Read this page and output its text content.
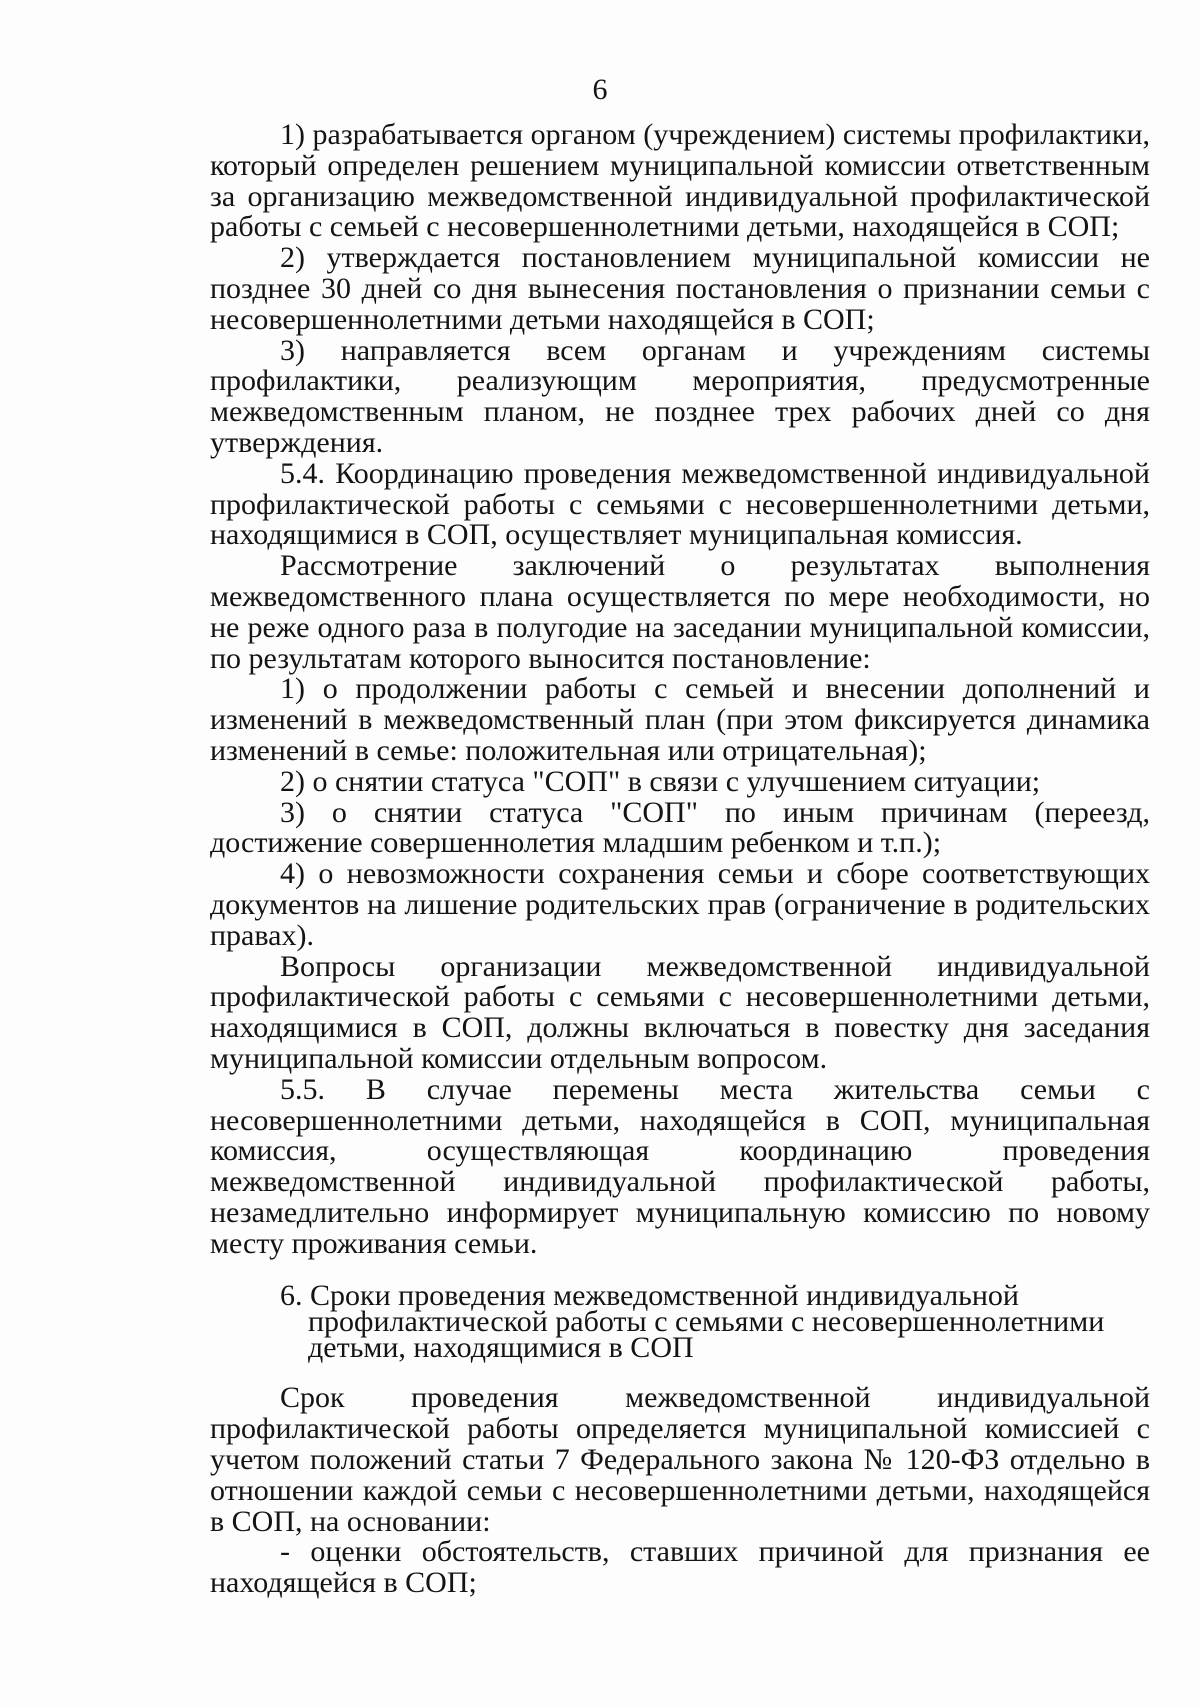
6

1) разрабатывается органом (учреждением) системы профилактики, который определен решением муниципальной комиссии ответственным за организацию межведомственной индивидуальной профилактической работы с семьей с несовершеннолетними детьми, находящейся в СОП;

2) утверждается постановлением муниципальной комиссии не позднее 30 дней со дня вынесения постановления о признании семьи с несовершеннолетними детьми находящейся в СОП;

3) направляется всем органам и учреждениям системы профилактики, реализующим мероприятия, предусмотренные межведомственным планом, не позднее трех рабочих дней со дня утверждения.

5.4. Координацию проведения межведомственной индивидуальной профилактической работы с семьями с несовершеннолетними детьми, находящимися в СОП, осуществляет муниципальная комиссия.

Рассмотрение заключений о результатах выполнения межведомственного плана осуществляется по мере необходимости, но не реже одного раза в полугодие на заседании муниципальной комиссии, по результатам которого выносится постановление:

1) о продолжении работы с семьей и внесении дополнений и изменений в межведомственный план (при этом фиксируется динамика изменений в семье: положительная или отрицательная);

2) о снятии статуса "СОП" в связи с улучшением ситуации;

3) о снятии статуса "СОП" по иным причинам (переезд, достижение совершеннолетия младшим ребенком и т.п.);

4) о невозможности сохранения семьи и сборе соответствующих документов на лишение родительских прав (ограничение в родительских правах).

Вопросы организации межведомственной индивидуальной профилактической работы с семьями с несовершеннолетними детьми, находящимися в СОП, должны включаться в повестку дня заседания муниципальной комиссии отдельным вопросом.

5.5. В случае перемены места жительства семьи с несовершеннолетними детьми, находящейся в СОП, муниципальная комиссия, осуществляющая координацию проведения межведомственной индивидуальной профилактической работы, незамедлительно информирует муниципальную комиссию по новому месту проживания семьи.

6. Сроки проведения межведомственной индивидуальной профилактической работы с семьями с несовершеннолетними детьми, находящимися в СОП

Срок проведения межведомственной индивидуальной профилактической работы определяется муниципальной комиссией с учетом положений статьи 7 Федерального закона № 120-ФЗ отдельно в отношении каждой семьи с несовершеннолетними детьми, находящейся в СОП, на основании:

- оценки обстоятельств, ставших причиной для признания ее находящейся в СОП;
